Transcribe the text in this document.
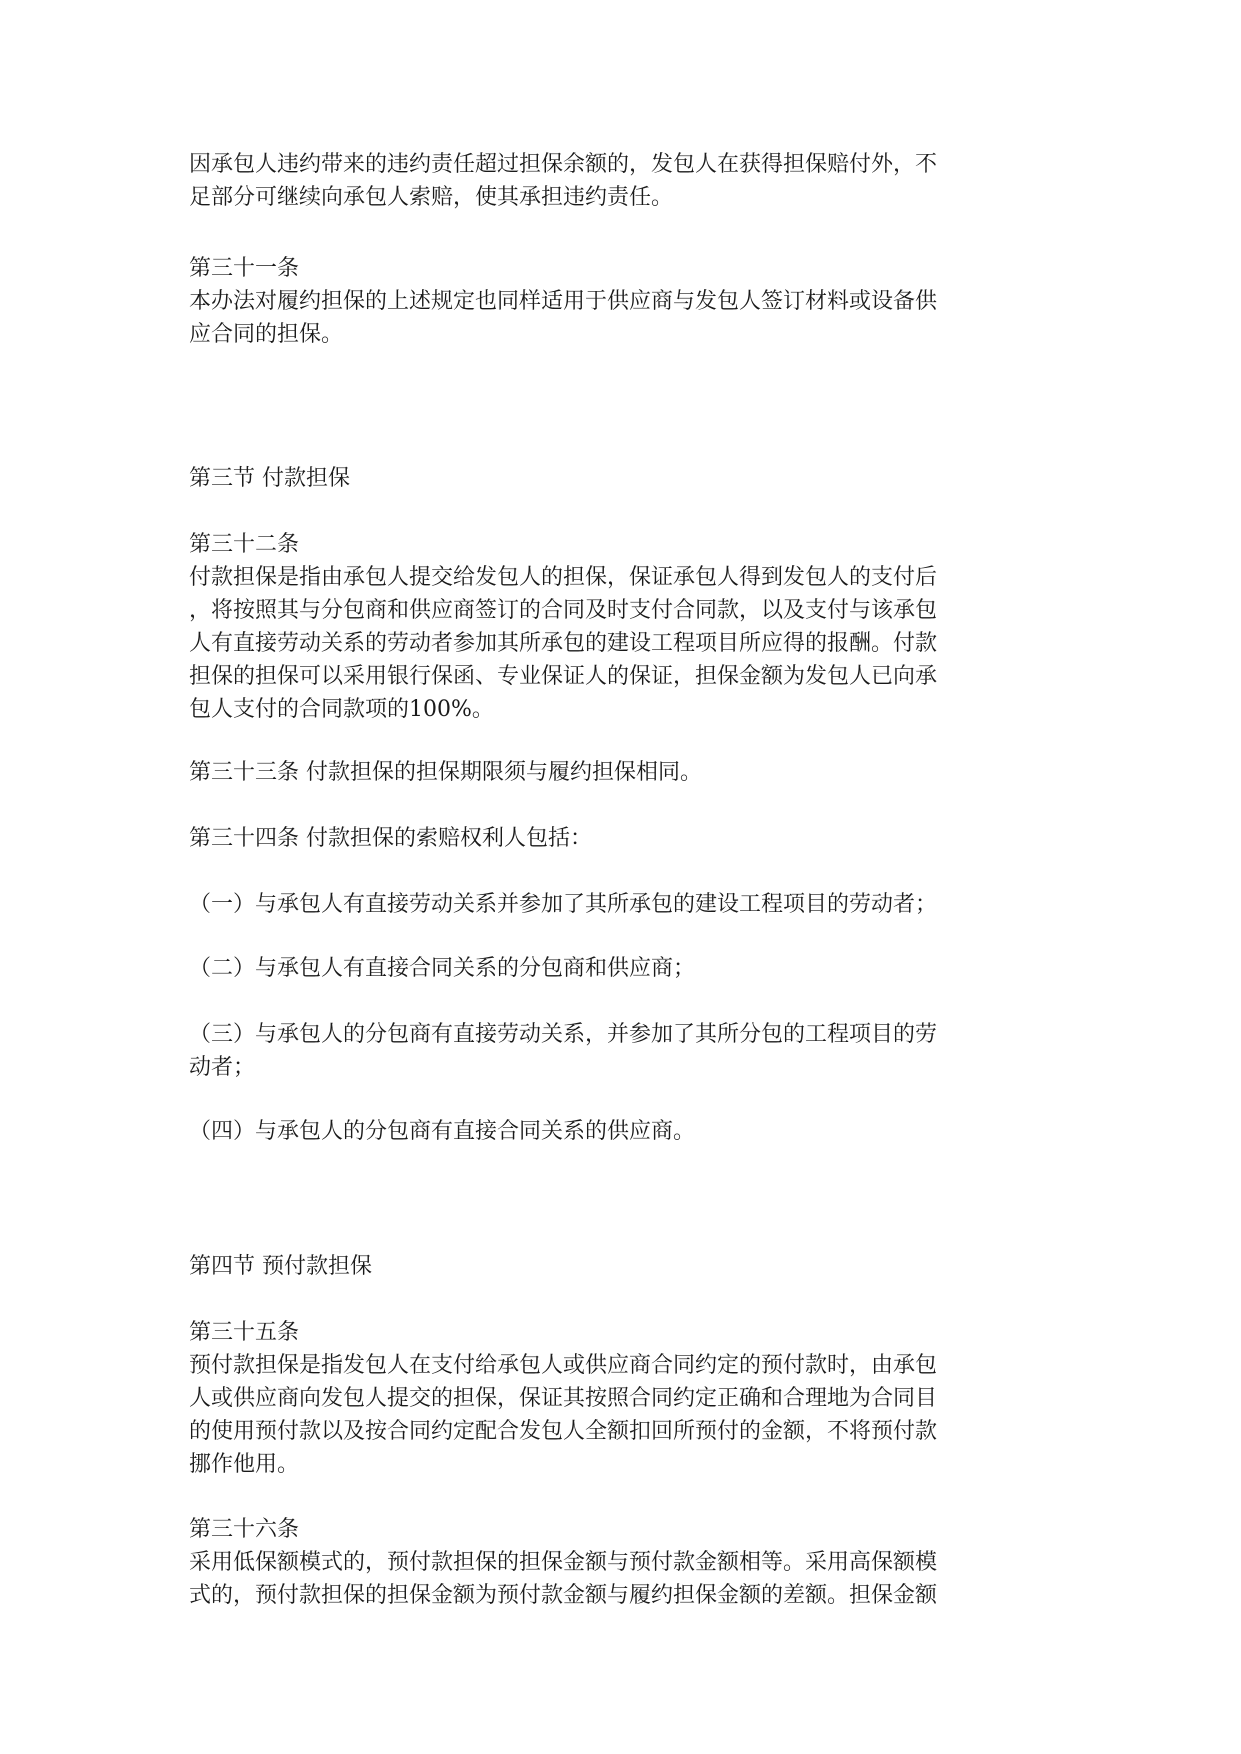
因承包人违约带来的违约责任超过担保余额的，发包人在获得担保赔付外，不
足部分可继续向承包人索赔，使其承担违约责任。
第三十一条
本办法对履约担保的上述规定也同样适用于供应商与发包人签订材料或设备供
应合同的担保。
第三节 付款担保
第三十二条
付款担保是指由承包人提交给发包人的担保，保证承包人得到发包人的支付后
，将按照其与分包商和供应商签订的合同及时支付合同款，以及支付与该承包
人有直接劳动关系的劳动者参加其所承包的建设工程项目所应得的报酬。付款
担保的担保可以采用银行保函、专业保证人的保证，担保金额为发包人已向承
包人支付的合同款项的100%。
第三十三条 付款担保的担保期限须与履约担保相同。
第三十四条 付款担保的索赔权利人包括：
（一）与承包人有直接劳动关系并参加了其所承包的建设工程项目的劳动者；
（二）与承包人有直接合同关系的分包商和供应商；
（三）与承包人的分包商有直接劳动关系，并参加了其所分包的工程项目的劳
动者；
（四）与承包人的分包商有直接合同关系的供应商。
第四节 预付款担保
第三十五条
预付款担保是指发包人在支付给承包人或供应商合同约定的预付款时，由承包
人或供应商向发包人提交的担保，保证其按照合同约定正确和合理地为合同目
的使用预付款以及按合同约定配合发包人全额扣回所预付的金额，不将预付款
挪作他用。
第三十六条
采用低保额模式的，预付款担保的担保金额与预付款金额相等。采用高保额模
式的，预付款担保的担保金额为预付款金额与履约担保金额的差额。担保金额
